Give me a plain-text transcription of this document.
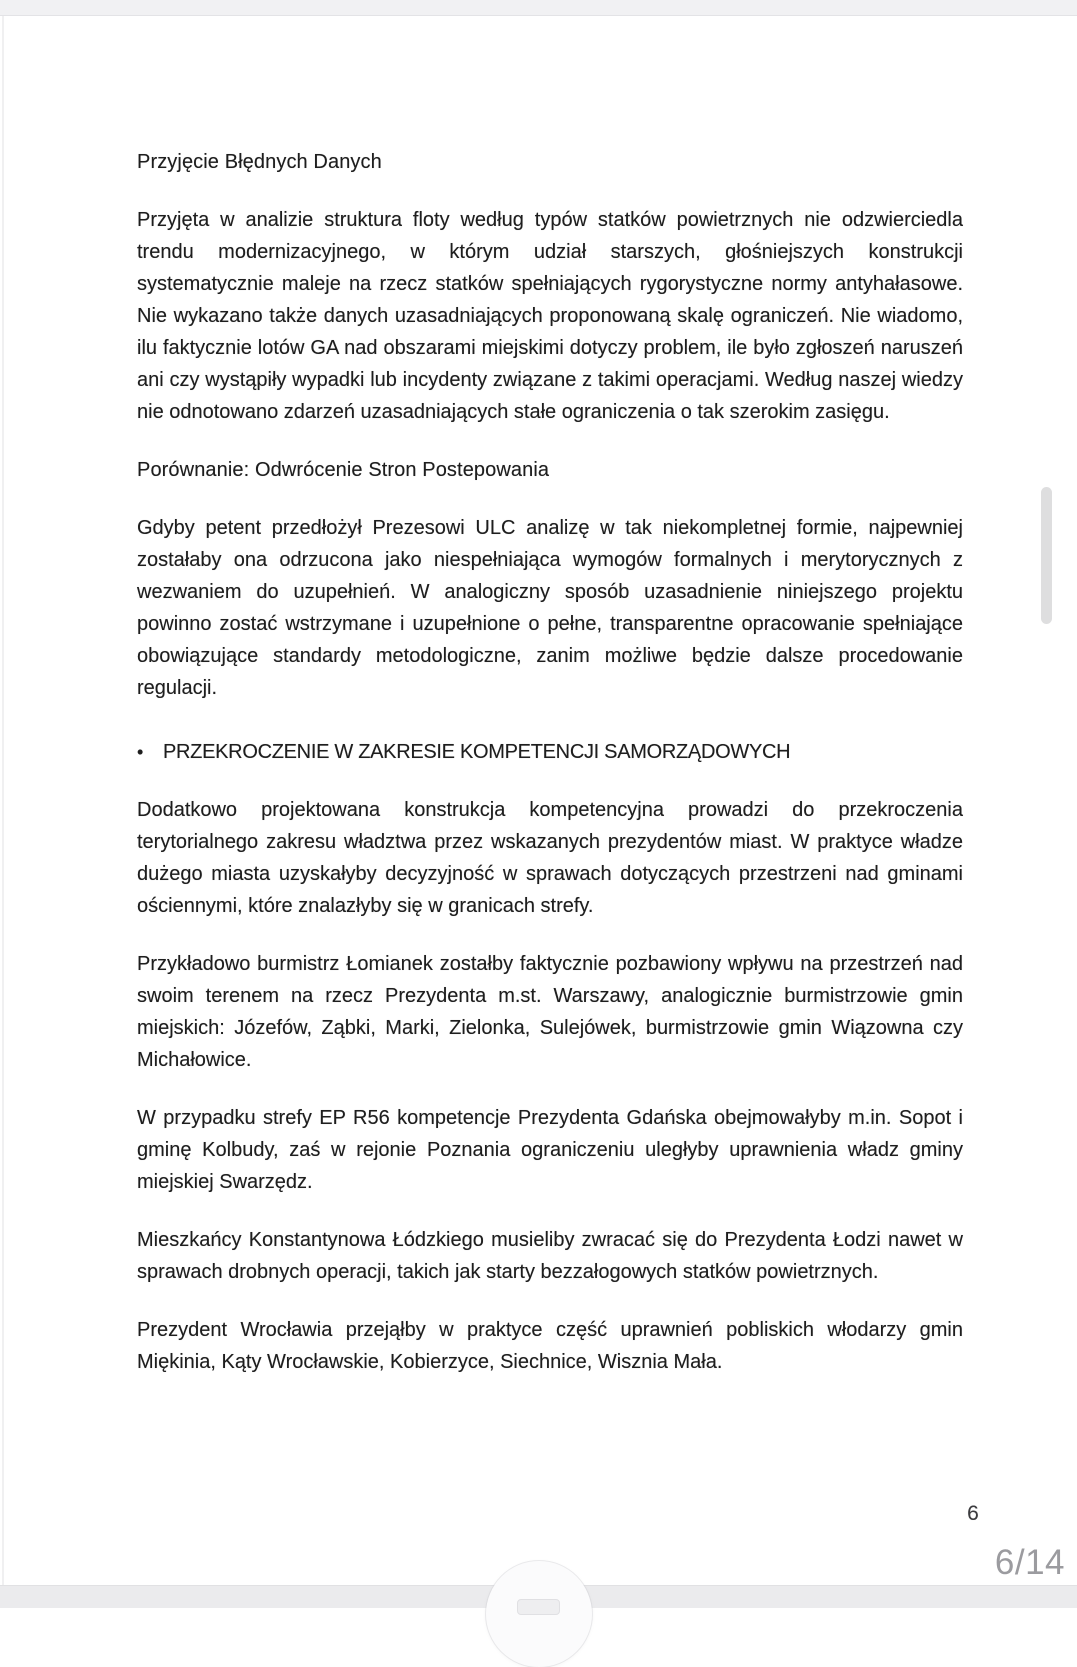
Przyjęcie Błędnych Danych
Przyjęta w analizie struktura floty według typów statków powietrznych nie odzwierciedla trendu modernizacyjnego, w którym udział starszych, głośniejszych konstrukcji systematycznie maleje na rzecz statków spełniających rygorystyczne normy antyhałasowe. Nie wykazano także danych uzasadniających proponowaną skalę ograniczeń. Nie wiadomo, ilu faktycznie lotów GA nad obszarami miejskimi dotyczy problem, ile było zgłoszeń naruszeń ani czy wystąpiły wypadki lub incydenty związane z takimi operacjami. Według naszej wiedzy nie odnotowano zdarzeń uzasadniających stałe ograniczenia o tak szerokim zasięgu.
Porównanie: Odwrócenie Stron Postepowania
Gdyby petent przedłożył Prezesowi ULC analizę w tak niekompletnej formie, najpewniej zostałaby ona odrzucona jako niespełniająca wymogów formalnych i merytorycznych z wezwaniem do uzupełnień. W analogiczny sposób uzasadnienie niniejszego projektu powinno zostać wstrzymane i uzupełnione o pełne, transparentne opracowanie spełniające obowiązujące standardy metodologiczne, zanim możliwe będzie dalsze procedowanie regulacji.
• PRZEKROCZENIE W ZAKRESIE KOMPETENCJI SAMORZĄDOWYCH
Dodatkowo projektowana konstrukcja kompetencyjna prowadzi do przekroczenia terytorialnego zakresu władztwa przez wskazanych prezydentów miast. W praktyce władze dużego miasta uzyskałyby decyzyjność w sprawach dotyczących przestrzeni nad gminami ościennymi, które znalazłyby się w granicach strefy.
Przykładowo burmistrz Łomianek zostałby faktycznie pozbawiony wpływu na przestrzeń nad swoim terenem na rzecz Prezydenta m.st. Warszawy, analogicznie burmistrzowie gmin miejskich: Józefów, Ząbki, Marki, Zielonka, Sulejówek, burmistrzowie gmin Wiązowna czy Michałowice.
W przypadku strefy EP R56 kompetencje Prezydenta Gdańska obejmowałyby m.in. Sopot i gminę Kolbudy, zaś w rejonie Poznania ograniczeniu uległyby uprawnienia władz gminy miejskiej Swarzędz.
Mieszkańcy Konstantynowa Łódzkiego musieliby zwracać się do Prezydenta Łodzi nawet w sprawach drobnych operacji, takich jak starty bezzałogowych statków powietrznych.
Prezydent Wrocławia przejąłby w praktyce część uprawnień pobliskich włodarzy gmin Miękinia, Kąty Wrocławskie, Kobierzyce, Siechnice, Wisznia Mała.
6
6/14
